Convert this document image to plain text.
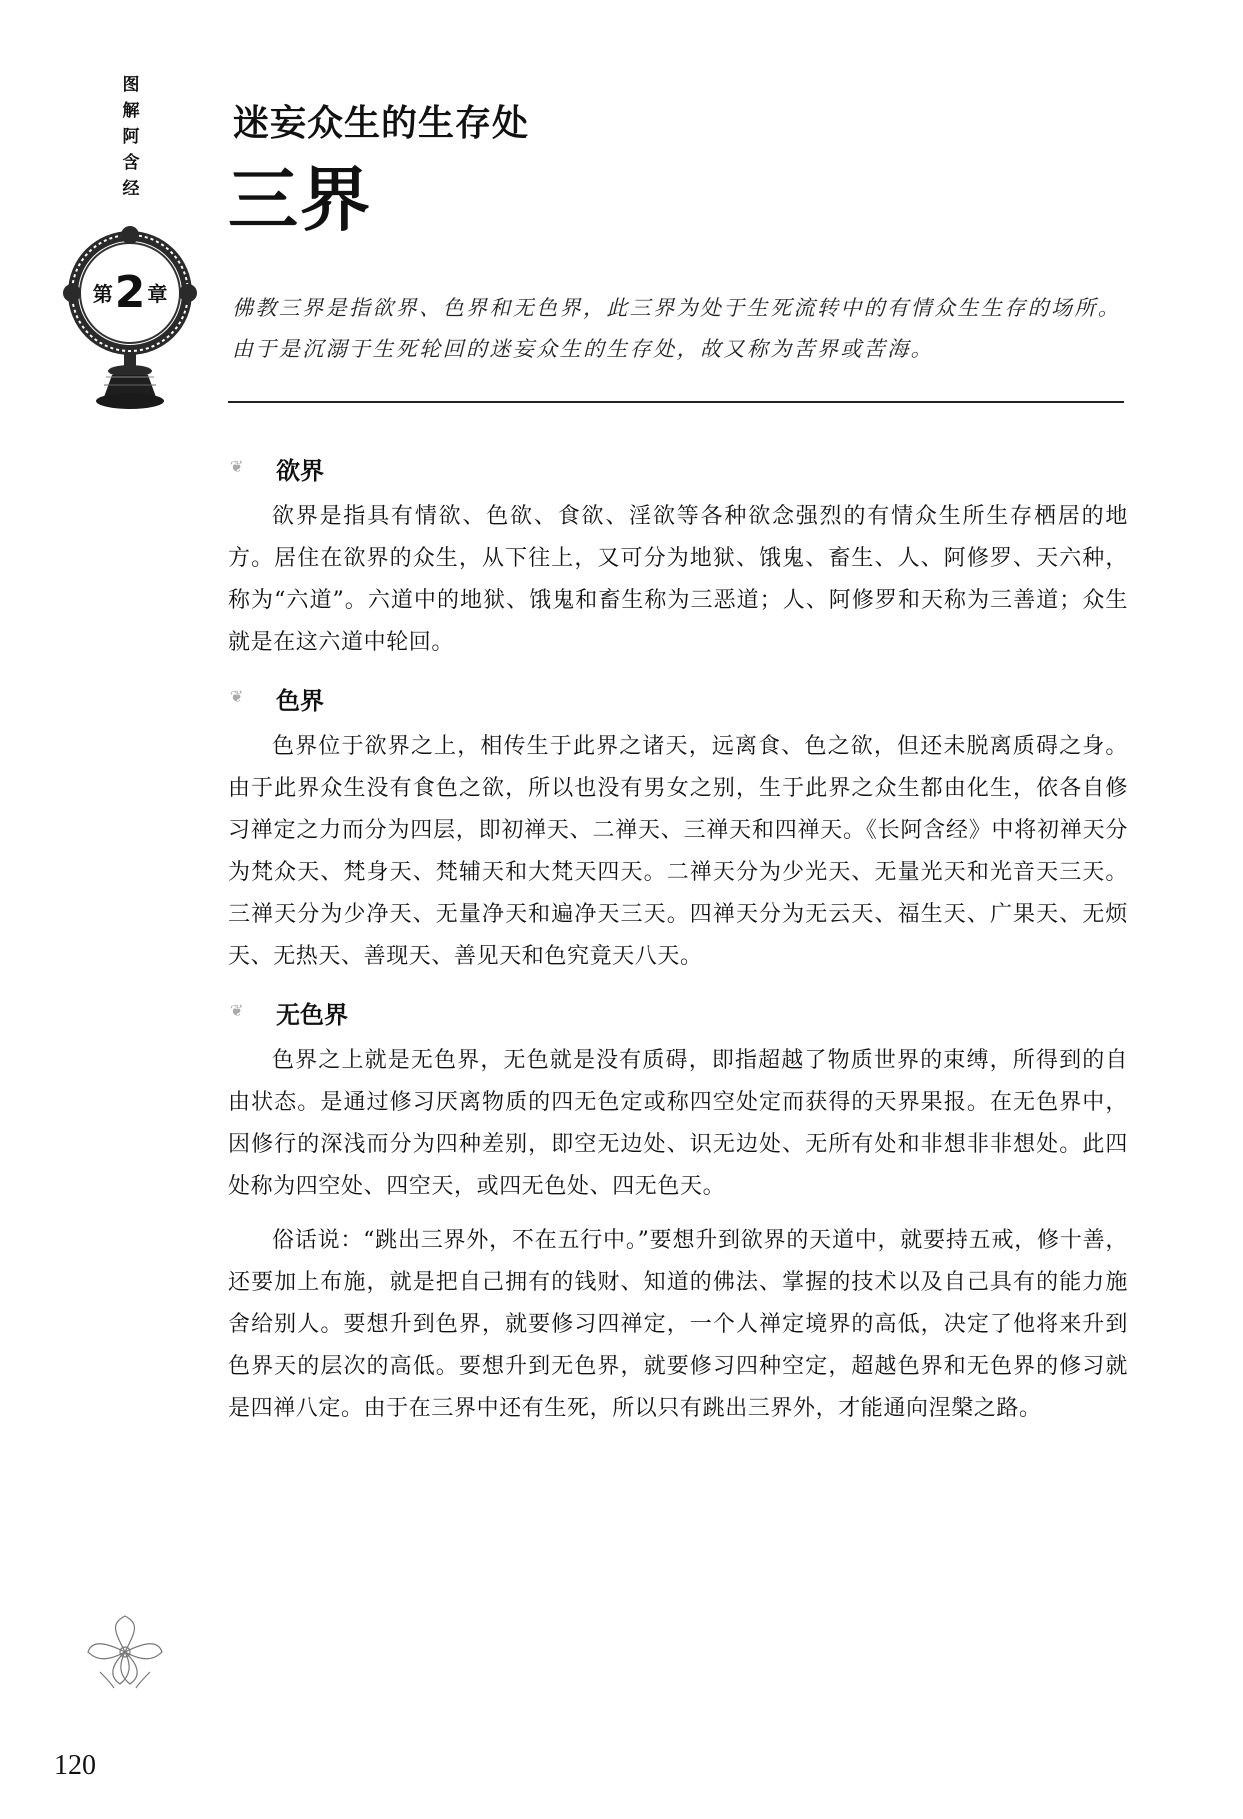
图
解
阿
含
经
第2 章
迷妄众生的生存处
三界
佛教三界是指欲界、色界和无色界，此三界为处于生死流转中的有情众生生存的场所。由于是沉溺于生死轮回的迷妄众生的生存处，故又称为苦界或苦海。
❦	欲界

欲界是指具有情欲、色欲、食欲、淫欲等各种欲念强烈的有情众生所生存栖居的地方。居住在欲界的众生，从下往上，又可分为地狱、饿鬼、畜生、人、阿修罗、天六种，称为“六道”。六道中的地狱、饿鬼和畜生称为三恶道；人、阿修罗和天称为三善道；众生就是在这六道中轮回。

❦	色界

色界位于欲界之上，相传生于此界之诸天，远离食、色之欲，但还未脱离质碍之身。由于此界众生没有食色之欲，所以也没有男女之别，生于此界之众生都由化生，依各自修习禅定之力而分为四层，即初禅天、二禅天、三禅天和四禅天。《长阿含经》中将初禅天分为梵众天、梵身天、梵辅天和大梵天四天。二禅天分为少光天、无量光天和光音天三天。三禅天分为少净天、无量净天和遍净天三天。四禅天分为无云天、福生天、广果天、无烦天、无热天、善现天、善见天和色究竟天八天。

❦	无色界

色界之上就是无色界，无色就是没有质碍，即指超越了物质世界的束缚，所得到的自由状态。是通过修习厌离物质的四无色定或称四空处定而获得的天界果报。在无色界中，因修行的深浅而分为四种差别，即空无边处、识无边处、无所有处和非想非非想处。此四处称为四空处、四空天，或四无色处、四无色天。

俗话说：“跳出三界外，不在五行中。”要想升到欲界的天道中，就要持五戒，修十善，还要加上布施，就是把自己拥有的钱财、知道的佛法、掌握的技术以及自己具有的能力施舍给别人。要想升到色界，就要修习四禅定，一个人禅定境界的高低，决定了他将来升到色界天的层次的高低。要想升到无色界，就要修习四种空定，超越色界和无色界的修习就是四禅八定。由于在三界中还有生死，所以只有跳出三界外，才能通向涅槃之路。

120
